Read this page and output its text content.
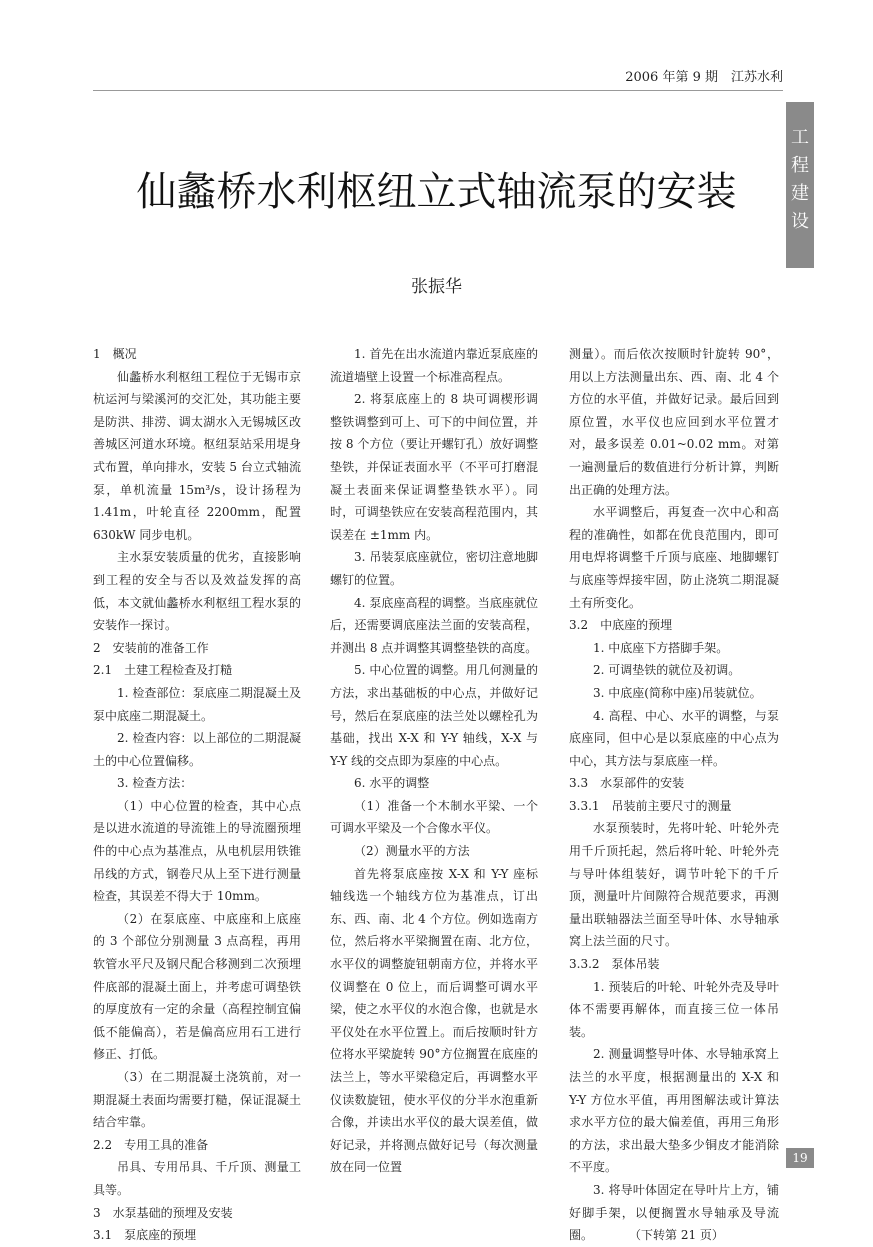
2006 年第 9 期　江苏水利
工
程
建
设
仙蠡桥水利枢纽立式轴流泵的安装
张振华

1　概况

仙蠡桥水利枢纽工程位于无锡市京杭运河与梁溪河的交汇处，其功能主要是防洪、排涝、调太湖水入无锡城区改善城区河道水环境。枢纽泵站采用堤身式布置，单向排水，安装 5 台立式轴流泵，单机流量 15m³/s，设计扬程为 1.41m，叶轮直径 2200mm，配置 630kW 同步电机。

主水泵安装质量的优劣，直接影响到工程的安全与否以及效益发挥的高低，本文就仙蠡桥水利枢纽工程水泵的安装作一探讨。

2　安装前的准备工作

2.1　土建工程检查及打糙

1. 检查部位：泵底座二期混凝土及泵中底座二期混凝土。

2. 检查内容：以上部位的二期混凝土的中心位置偏移。

3. 检查方法：

（1）中心位置的检查，其中心点是以进水流道的导流锥上的导流圈预埋件的中心点为基准点，从电机层用铁锥吊线的方式，钢卷尺从上至下进行测量检查，其误差不得大于 10mm。

（2）在泵底座、中底座和上底座的 3 个部位分别测量 3 点高程，再用软管水平尺及钢尺配合移测到二次预埋件底部的混凝土面上，并考虑可调垫铁的厚度放有一定的余量（高程控制宜偏低不能偏高），若是偏高应用石工进行修正、打低。

（3）在二期混凝土浇筑前，对一期混凝土表面均需要打糙，保证混凝土结合牢靠。

2.2　专用工具的准备

吊具、专用吊具、千斤顶、测量工具等。

3　水泵基础的预埋及安装

3.1　泵底座的预埋

1. 首先在出水流道内靠近泵底座的流道墙壁上设置一个标准高程点。

2. 将泵底座上的 8 块可调楔形调整铁调整到可上、可下的中间位置，并按 8 个方位（要让开螺钉孔）放好调整垫铁，并保证表面水平（不平可打磨混凝土表面来保证调整垫铁水平）。同时，可调垫铁应在安装高程范围内，其误差在 ±1mm 内。

3. 吊装泵底座就位，密切注意地脚螺钉的位置。

4. 泵底座高程的调整。当底座就位后，还需要调底座法兰面的安装高程，并测出 8 点并调整其调整垫铁的高度。

5. 中心位置的调整。用几何测量的方法，求出基础板的中心点，并做好记号，然后在泵底座的法兰处以螺栓孔为基础，找出 X-X 和 Y-Y 轴线，X-X 与 Y-Y 线的交点即为泵座的中心点。

6. 水平的调整

（1）准备一个木制水平梁、一个可调水平梁及一个合像水平仪。

（2）测量水平的方法

首先将泵底座按 X-X 和 Y-Y 座标轴线选一个轴线方位为基准点，订出东、西、南、北 4 个方位。例如选南方位，然后将水平梁搁置在南、北方位，水平仪的调整旋钮朝南方位，并将水平仪调整在 0 位上，而后调整可调水平梁，使之水平仪的水泡合像，也就是水平仪处在水平位置上。而后按顺时针方位将水平梁旋转 90°方位搁置在底座的法兰上，等水平梁稳定后，再调整水平仪读数旋钮，使水平仪的分半水泡重新合像，并读出水平仪的最大误差值，做好记录，并将测点做好记号（每次测量放在同一位置

测量）。而后依次按顺时针旋转 90°，用以上方法测量出东、西、南、北 4 个方位的水平值，并做好记录。最后回到原位置，水平仪也应回到水平位置才对，最多误差 0.01~0.02 mm。对第一遍测量后的数值进行分析计算，判断出正确的处理方法。

水平调整后，再复查一次中心和高程的准确性，如都在优良范围内，即可用电焊将调整千斤顶与底座、地脚螺钉与底座等焊接牢固，防止浇筑二期混凝土有所变化。

3.2　中底座的预埋

1. 中底座下方搭脚手架。

2. 可调垫铁的就位及初调。

3. 中底座(简称中座)吊装就位。

4. 高程、中心、水平的调整，与泵底座同，但中心是以泵底座的中心点为中心，其方法与泵底座一样。

3.3　水泵部件的安装

3.3.1　吊装前主要尺寸的测量

水泵预装时，先将叶轮、叶轮外壳用千斤顶托起，然后将叶轮、叶轮外壳与导叶体组装好，调节叶轮下的千斤顶，测量叶片间隙符合规范要求，再测量出联轴器法兰面至导叶体、水导轴承窝上法兰面的尺寸。

3.3.2　泵体吊装

1. 预装后的叶轮、叶轮外壳及导叶体不需要再解体，而直接三位一体吊装。

2. 测量调整导叶体、水导轴承窝上法兰的水平度，根据测量出的 X-X 和 Y-Y 方位水平值，再用图解法或计算法求水平方位的最大偏差值，再用三角形的方法，求出最大垫多少铜皮才能消除不平度。

3. 将导叶体固定在导叶片上方，铺好脚手架，以便搁置水导轴承及导流圈。　　　　（下转第 21 页）

19
